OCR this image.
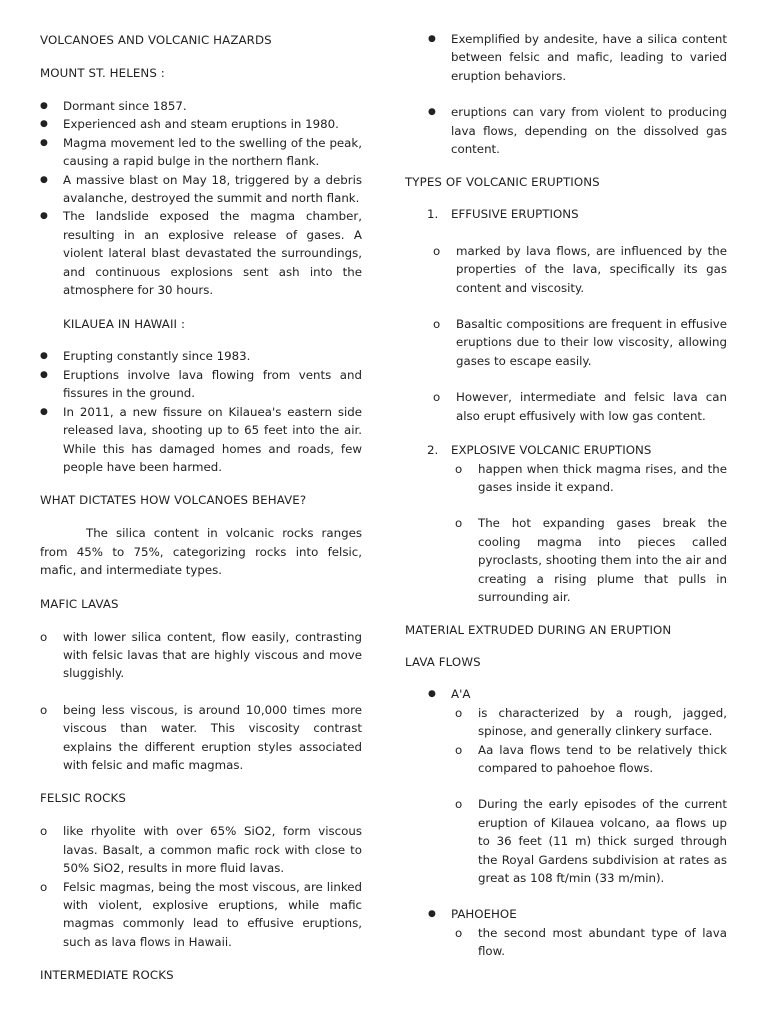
VOLCANOES AND VOLCANIC HAZARDS

MOUNT ST. HELENS :

● Dormant since 1857.
● Experienced ash and steam eruptions in 1980.
● Magma movement led to the swelling of the peak, causing a rapid bulge in the northern flank.
● A massive blast on May 18, triggered by a debris avalanche, destroyed the summit and north flank.
● The landslide exposed the magma chamber, resulting in an explosive release of gases. A violent lateral blast devastated the surroundings, and continuous explosions sent ash into the atmosphere for 30 hours.

KILAUEA IN HAWAII :

● Erupting constantly since 1983.
● Eruptions involve lava flowing from vents and fissures in the ground.
● In 2011, a new fissure on Kilauea's eastern side released lava, shooting up to 65 feet into the air. While this has damaged homes and roads, few people have been harmed.

WHAT DICTATES HOW VOLCANOES BEHAVE?

The silica content in volcanic rocks ranges from 45% to 75%, categorizing rocks into felsic, mafic, and intermediate types.

MAFIC LAVAS

o with lower silica content, flow easily, contrasting with felsic lavas that are highly viscous and move sluggishly.
o being less viscous, is around 10,000 times more viscous than water. This viscosity contrast explains the different eruption styles associated with felsic and mafic magmas.

FELSIC ROCKS

o like rhyolite with over 65% SiO2, form viscous lavas. Basalt, a common mafic rock with close to 50% SiO2, results in more fluid lavas.
o Felsic magmas, being the most viscous, are linked with violent, explosive eruptions, while mafic magmas commonly lead to effusive eruptions, such as lava flows in Hawaii.

INTERMEDIATE ROCKS

● Exemplified by andesite, have a silica content between felsic and mafic, leading to varied eruption behaviors.
● eruptions can vary from violent to producing lava flows, depending on the dissolved gas content.

TYPES OF VOLCANIC ERUPTIONS

1. EFFUSIVE ERUPTIONS
o marked by lava flows, are influenced by the properties of the lava, specifically its gas content and viscosity.
o Basaltic compositions are frequent in effusive eruptions due to their low viscosity, allowing gases to escape easily.
o However, intermediate and felsic lava can also erupt effusively with low gas content.
2. EXPLOSIVE VOLCANIC ERUPTIONS
o happen when thick magma rises, and the gases inside it expand.
o The hot expanding gases break the cooling magma into pieces called pyroclasts, shooting them into the air and creating a rising plume that pulls in surrounding air.

MATERIAL EXTRUDED DURING AN ERUPTION

LAVA FLOWS

● A'A
o is characterized by a rough, jagged, spinose, and generally clinkery surface.
o Aa lava flows tend to be relatively thick compared to pahoehoe flows.
o During the early episodes of the current eruption of Kilauea volcano, aa flows up to 36 feet (11 m) thick surged through the Royal Gardens subdivision at rates as great as 108 ft/min (33 m/min).
● PAHOEHOE
o the second most abundant type of lava flow.
